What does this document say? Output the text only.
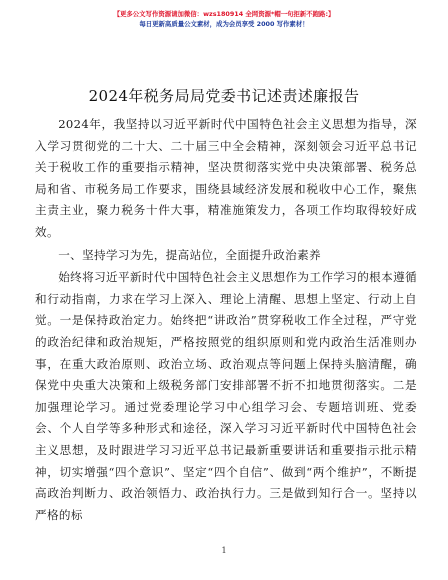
【更多公文写作资源请加微信：wzs180914 全网资源*帽一句拒新不跑路:】
每日更新高质量公文素材，成为会员享受 2000 写作素材！
2024年税务局局党委书记述责述廉报告

2024年，我坚持以习近平新时代中国特色社会主义思想为指导，深入学习贯彻党的二十大、二十届三中全会精神，深刻领会习近平总书记关于税收工作的重要指示精神，坚决贯彻落实党中央决策部署、税务总局和省、市税务局工作要求，围绕县域经济发展和税收中心工作，聚焦主责主业，聚力税务十件大事，精准施策发力，各项工作均取得较好成效。

一、坚持学习为先，提高站位，全面提升政治素养

始终将习近平新时代中国特色社会主义思想作为工作学习的根本遵循和行动指南，力求在学习上深入、理论上清醒、思想上坚定、行动上自觉。一是保持政治定力。始终把“讲政治”贯穿税收工作全过程，严守党的政治纪律和政治规矩，严格按照党的组织原则和党内政治生活准则办事，在重大政治原则、政治立场、政治观点等问题上保持头脑清醒，确保党中央重大决策和上级税务部门安排部署不折不扣地贯彻落实。二是加强理论学习。通过党委理论学习中心组学习会、专题培训班、党委会、个人自学等多种形式和途径，深入学习习近平新时代中国特色社会主义思想，及时跟进学习习近平总书记最新重要讲话和重要指示批示精神，切实增强“四个意识”、坚定“四个自信”、做到“两个维护”，不断提高政治判断力、政治领悟力、政治执行力。三是做到知行合一。坚持以严格的标

1
